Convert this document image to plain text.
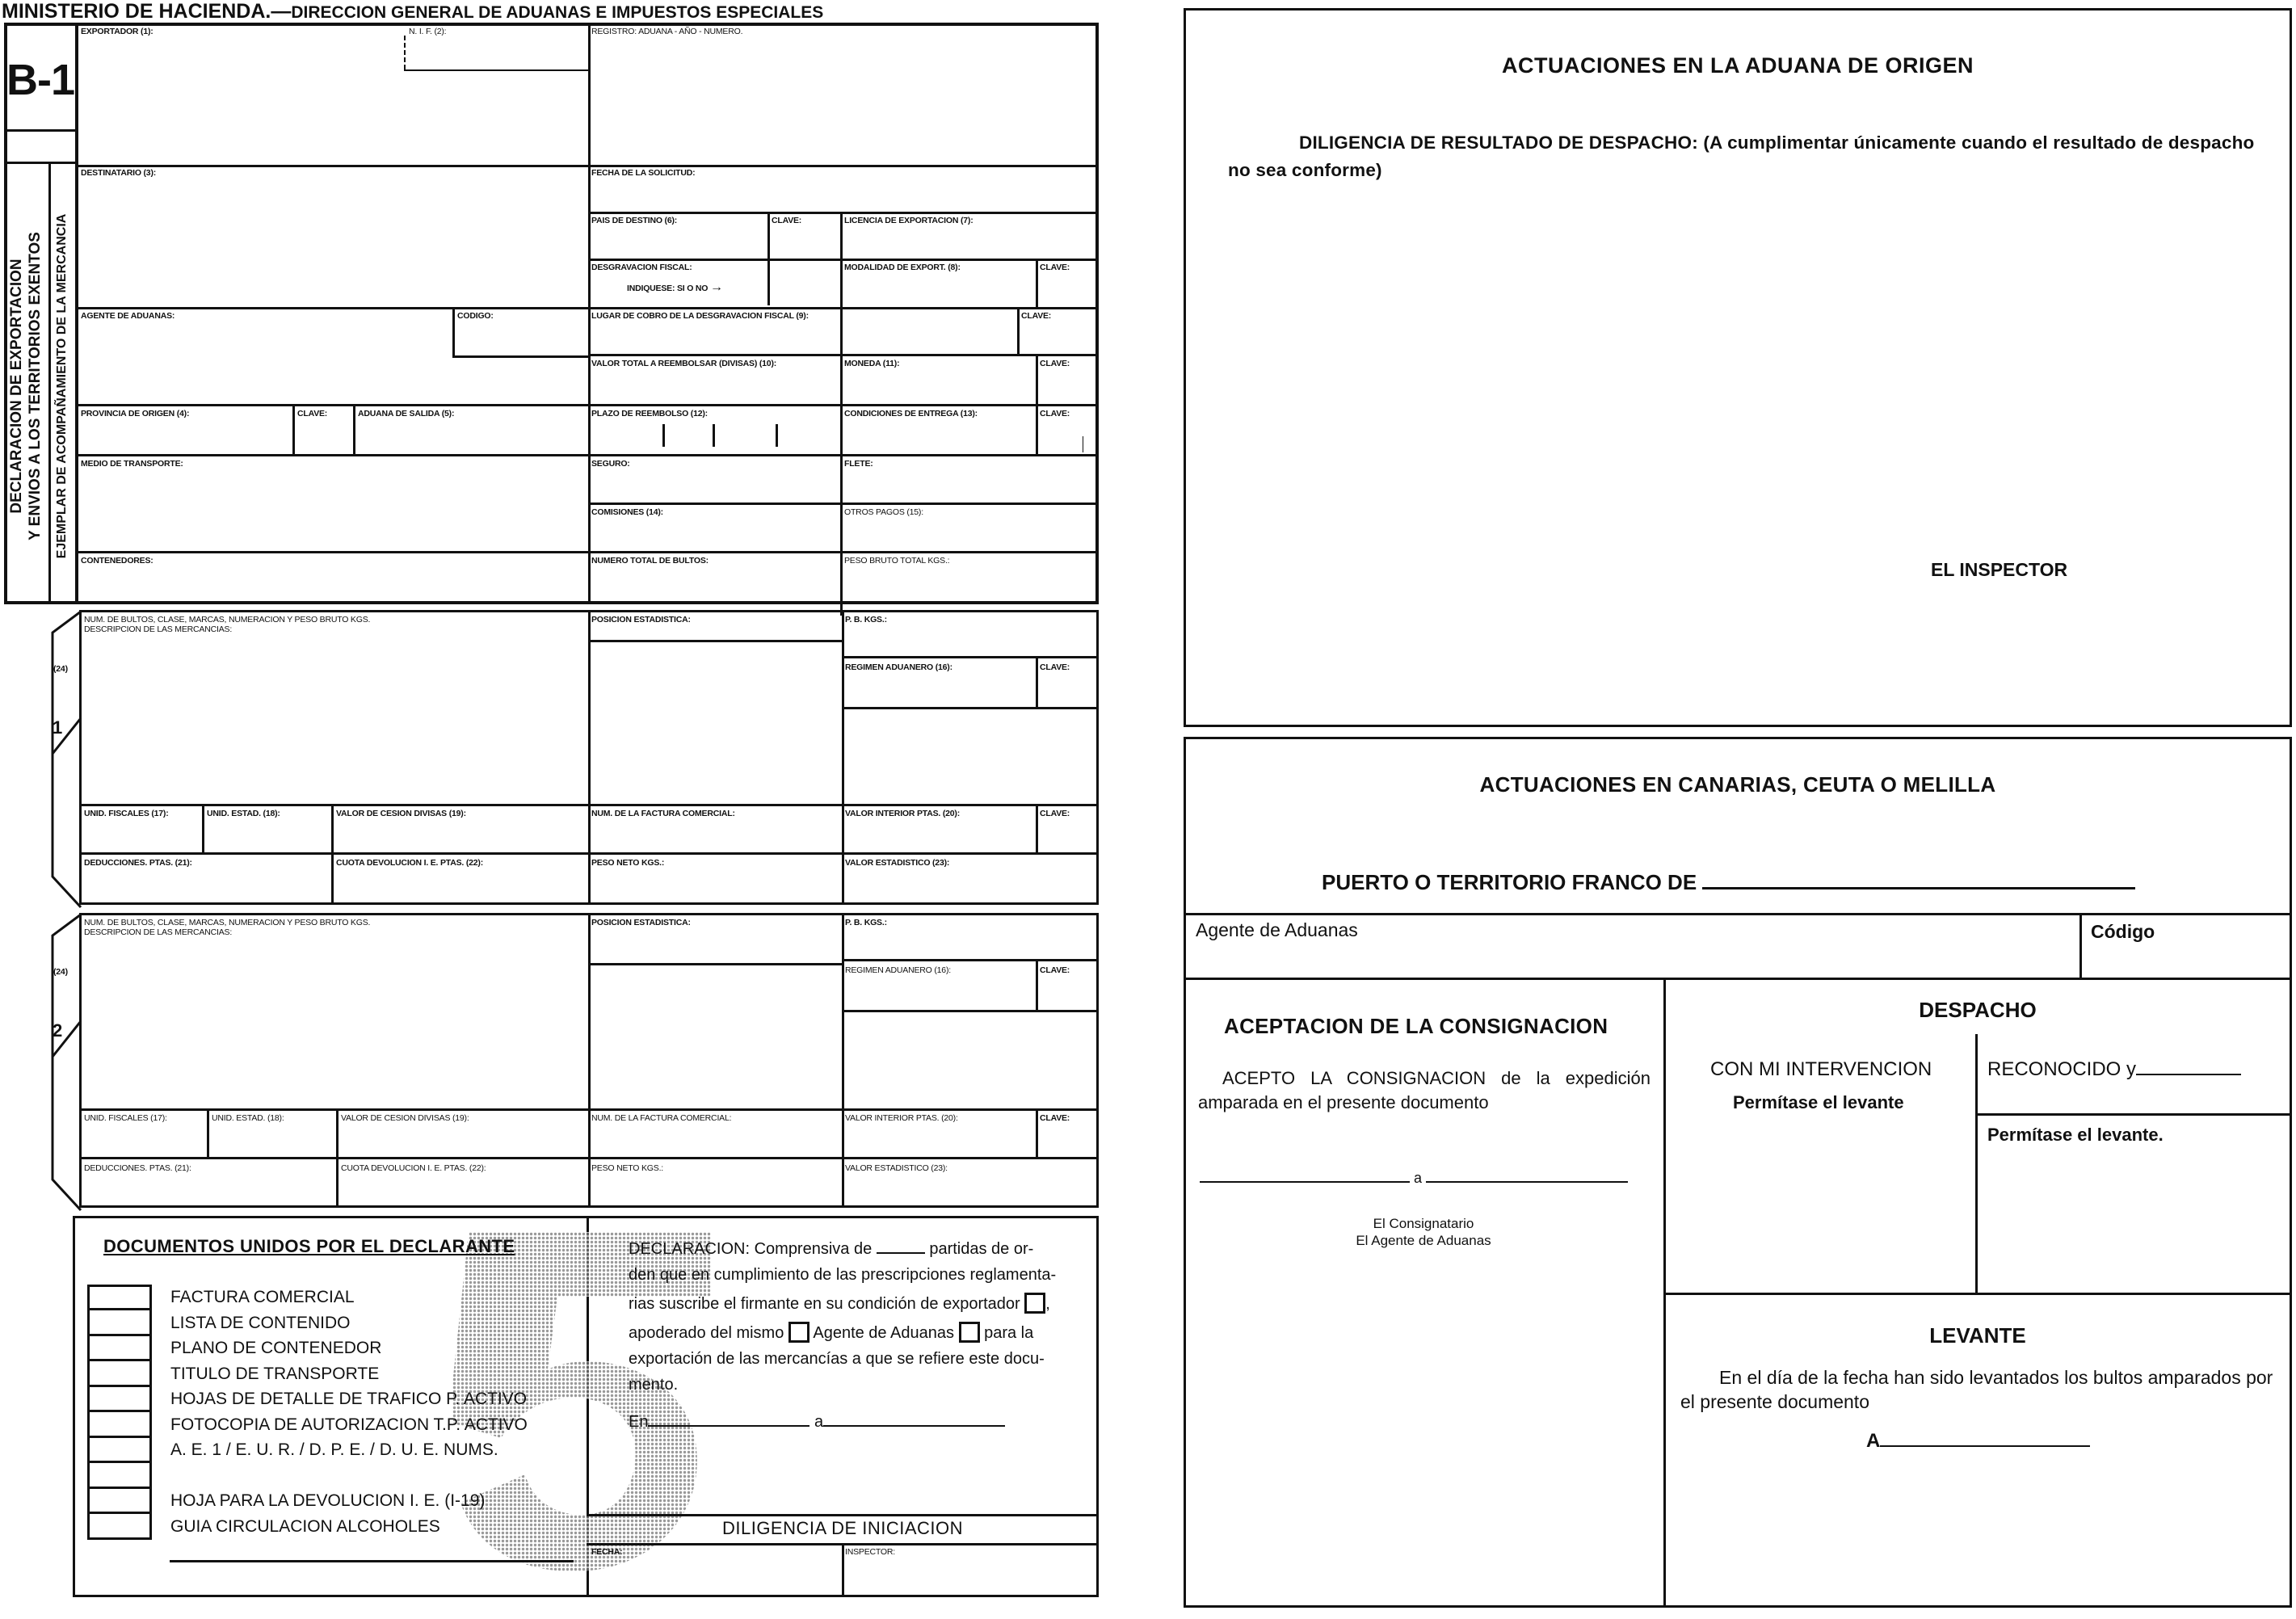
MINISTERIO DE HACIENDA.—DIRECCION GENERAL DE ADUANAS E IMPUESTOS ESPECIALES
B-1
DECLARACION DE EXPORTACION Y ENVIOS A LOS TERRITORIOS EXENTOS EJEMPLAR DE ACOMPAÑAMIENTO DE LA MERCANCIA
EXPORTADOR (1):	N. I. F. (2):	REGISTRO: ADUANA - AÑO - NUMERO.
DESTINATARIO (3):	FECHA DE LA SOLICITUD:
PAIS DE DESTINO (6):	CLAVE:	LICENCIA DE EXPORTACION (7):
DESGRAVACION FISCAL:
INDIQUESE: SI O NO →
MODALIDAD DE EXPORT. (8):	CLAVE:
AGENTE DE ADUANAS:	CODIGO:	LUGAR DE COBRO DE LA DESGRAVACION FISCAL (9):	CLAVE:
VALOR TOTAL A REEMBOLSAR (DIVISAS) (10):	MONEDA (11):	CLAVE:
PROVINCIA DE ORIGEN (4):	CLAVE:	ADUANA DE SALIDA (5):	PLAZO DE REEMBOLSO (12):	CONDICIONES DE ENTREGA (13):	CLAVE:
MEDIO DE TRANSPORTE:	SEGURO:	FLETE:
COMISIONES (14):	OTROS PAGOS (15):
CONTENEDORES:	NUMERO TOTAL DE BULTOS:	PESO BRUTO TOTAL KGS.:
(24)
1
NUM. DE BULTOS, CLASE, MARCAS, NUMERACION Y PESO BRUTO KGS.
DESCRIPCION DE LAS MERCANCIAS:
POSICION ESTADISTICA:	P. B. KGS.:
REGIMEN ADUANERO (16):	CLAVE:
UNID. FISCALES (17):	UNID. ESTAD. (18):	VALOR DE CESION DIVISAS (19):	NUM. DE LA FACTURA COMERCIAL:	VALOR INTERIOR PTAS. (20):	CLAVE:
DEDUCCIONES. PTAS. (21):	CUOTA DEVOLUCION I. E. PTAS. (22):	PESO NETO KGS.:	VALOR ESTADISTICO (23):
(24)
2
NUM. DE BULTOS, CLASE, MARCAS, NUMERACION Y PESO BRUTO KGS.
DESCRIPCION DE LAS MERCANCIAS:
POSICION ESTADISTICA:	P. B. KGS.:
REGIMEN ADUANERO (16):	CLAVE:
UNID. FISCALES (17):	UNID. ESTAD. (18):	VALOR DE CESION DIVISAS (19):	NUM. DE LA FACTURA COMERCIAL:	VALOR INTERIOR PTAS. (20):	CLAVE:
DEDUCCIONES. PTAS. (21):	CUOTA DEVOLUCION I. E. PTAS. (22):	PESO NETO KGS.:	VALOR ESTADISTICO (23):
DOCUMENTOS UNIDOS POR EL DECLARANTE
FACTURA COMERCIAL
LISTA DE CONTENIDO
PLANO DE CONTENEDOR
TITULO DE TRANSPORTE
HOJAS DE DETALLE DE TRAFICO P. ACTIVO
FOTOCOPIA DE AUTORIZACION T.P. ACTIVO
A. E. 1 / E. U. R. / D. P. E. / D. U. E. NUMS.
HOJA PARA LA DEVOLUCION I. E. (I-19)
GUIA CIRCULACION ALCOHOLES
DECLARACION: Comprensiva de	partidas de or-
den que en cumplimiento de las prescripciones reglamenta-
rias suscribe el firmante en su condición de exportador ,
apoderado del mismo Agente de Aduanas para la
exportación de las mercancías a que se refiere este docu-
mento.
En	a
DILIGENCIA DE INICIACION
FECHA:	INSPECTOR:
ACTUACIONES EN LA ADUANA DE ORIGEN
DILIGENCIA DE RESULTADO DE DESPACHO: (A cumplimentar únicamente cuando el resultado de despacho no sea conforme)
EL INSPECTOR
ACTUACIONES EN CANARIAS, CEUTA O MELILLA
PUERTO O TERRITORIO FRANCO DE
Agente de Aduanas	Código
ACEPTACION DE LA CONSIGNACION
ACEPTO LA CONSIGNACION de la expedición amparada en el presente documento
a
El Consignatario
El Agente de Aduanas
DESPACHO
CON MI INTERVENCION
Permítase el levante
RECONOCIDO y
Permítase el levante.
LEVANTE
En el día de la fecha han sido levantados los bultos amparados por el presente documento
A
